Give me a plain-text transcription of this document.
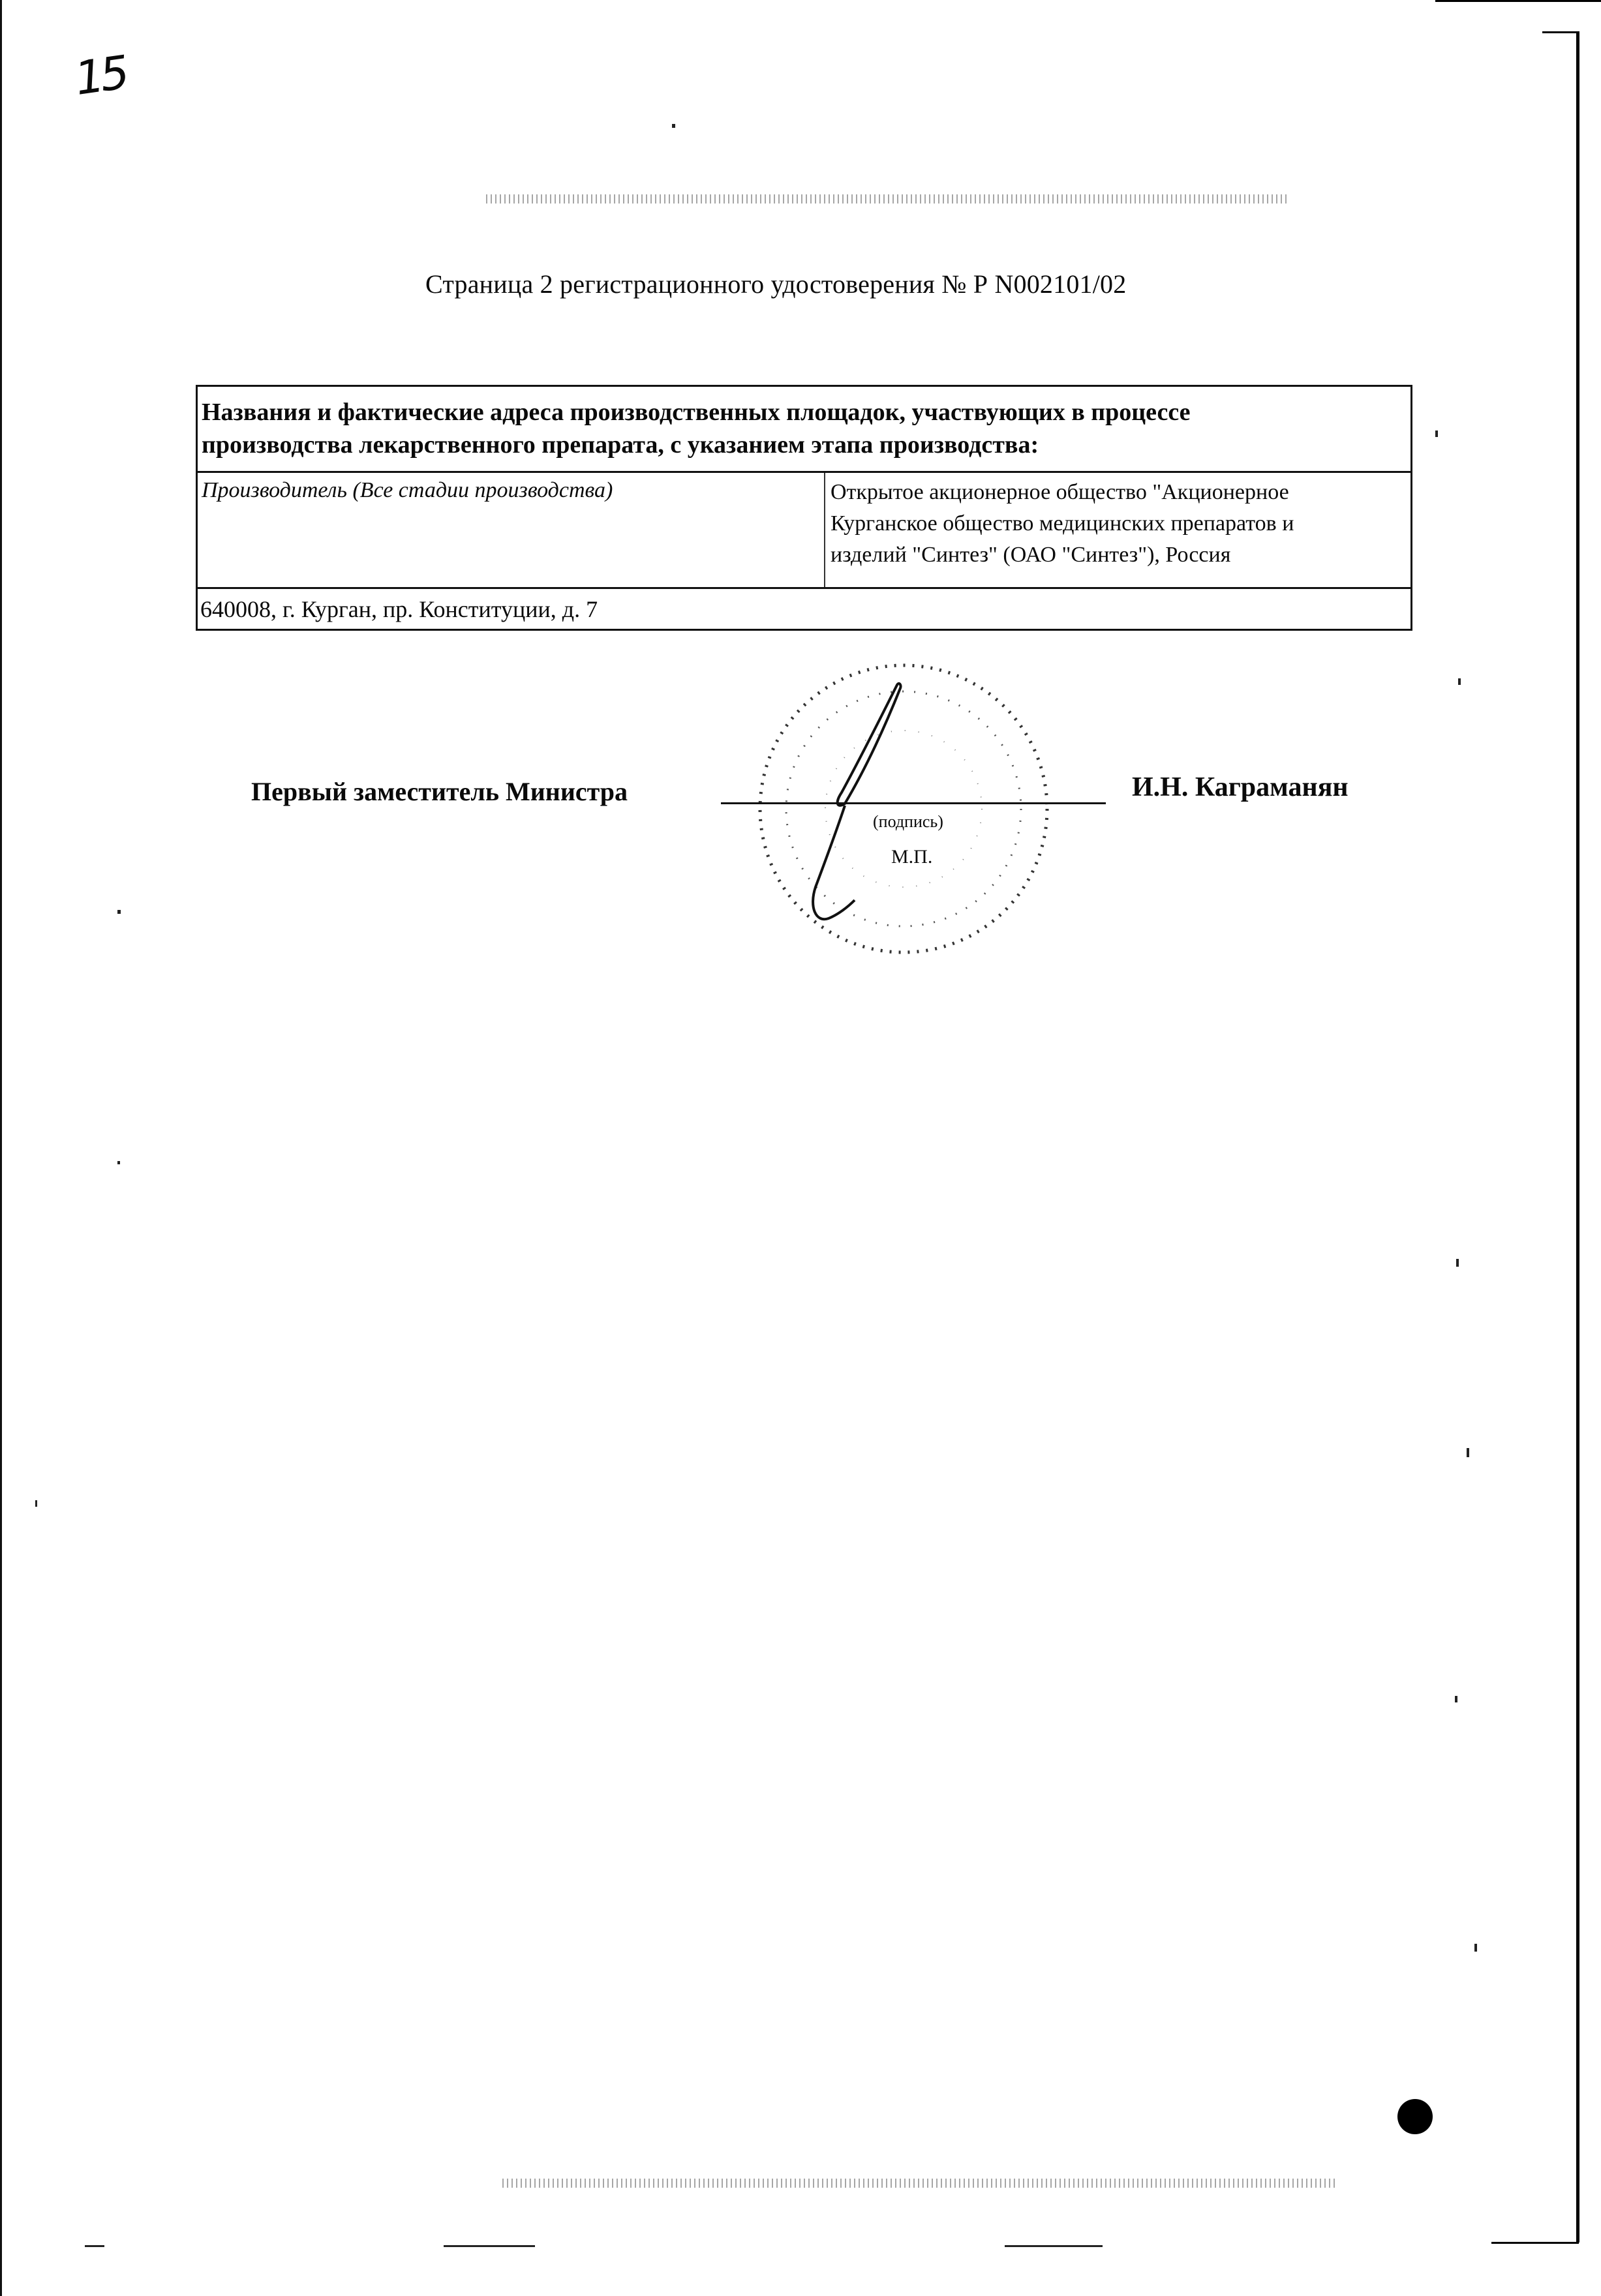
15
Страница 2 регистрационного удостоверения № Р N002101/02
Названия и фактические адреса производственных площадок, участвующих в процессе
производства лекарственного препарата, с указанием этапа производства:
Производитель (Все стадии производства)	Открытое акционерное общество "Акционерное
Курганское общество медицинских препаратов и
изделий "Синтез" (ОАО "Синтез"), Россия
640008, г. Курган, пр. Конституции, д. 7
Первый заместитель Министра	И.Н. Каграманян
(подпись)
М.П.
